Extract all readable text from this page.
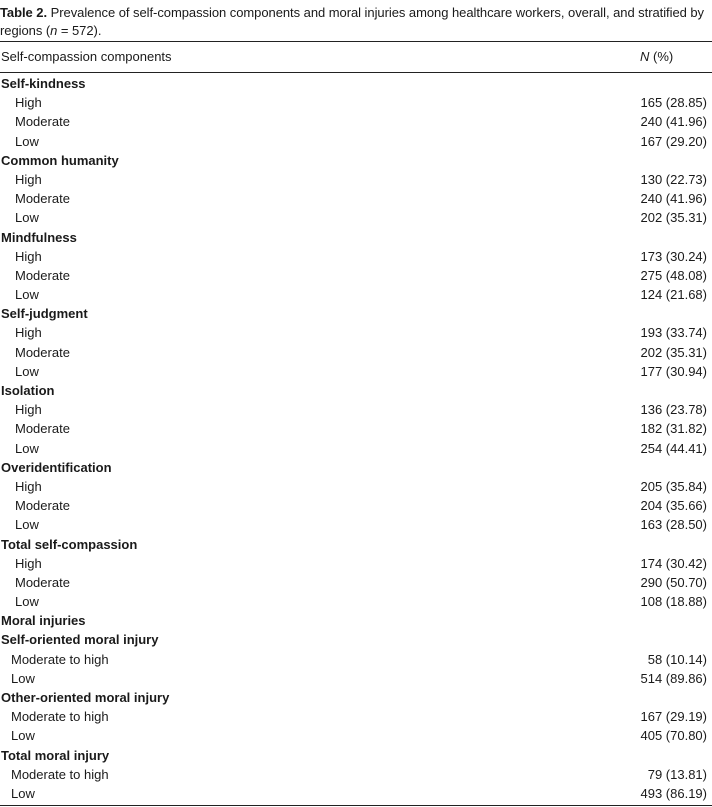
Table 2. Prevalence of self-compassion components and moral injuries among healthcare workers, overall, and stratified by regions (n = 572).

Self-compassion components	N (%)
Self-kindness
High	165 (28.85)
Moderate	240 (41.96)
Low	167 (29.20)
Common humanity
High	130 (22.73)
Moderate	240 (41.96)
Low	202 (35.31)
Mindfulness
High	173 (30.24)
Moderate	275 (48.08)
Low	124 (21.68)
Self-judgment
High	193 (33.74)
Moderate	202 (35.31)
Low	177 (30.94)
Isolation
High	136 (23.78)
Moderate	182 (31.82)
Low	254 (44.41)
Overidentification
High	205 (35.84)
Moderate	204 (35.66)
Low	163 (28.50)
Total self-compassion
High	174 (30.42)
Moderate	290 (50.70)
Low	108 (18.88)
Moral injuries
Self-oriented moral injury
Moderate to high	58 (10.14)
Low	514 (89.86)
Other-oriented moral injury
Moderate to high	167 (29.19)
Low	405 (70.80)
Total moral injury
Moderate to high	79 (13.81)
Low	493 (86.19)
